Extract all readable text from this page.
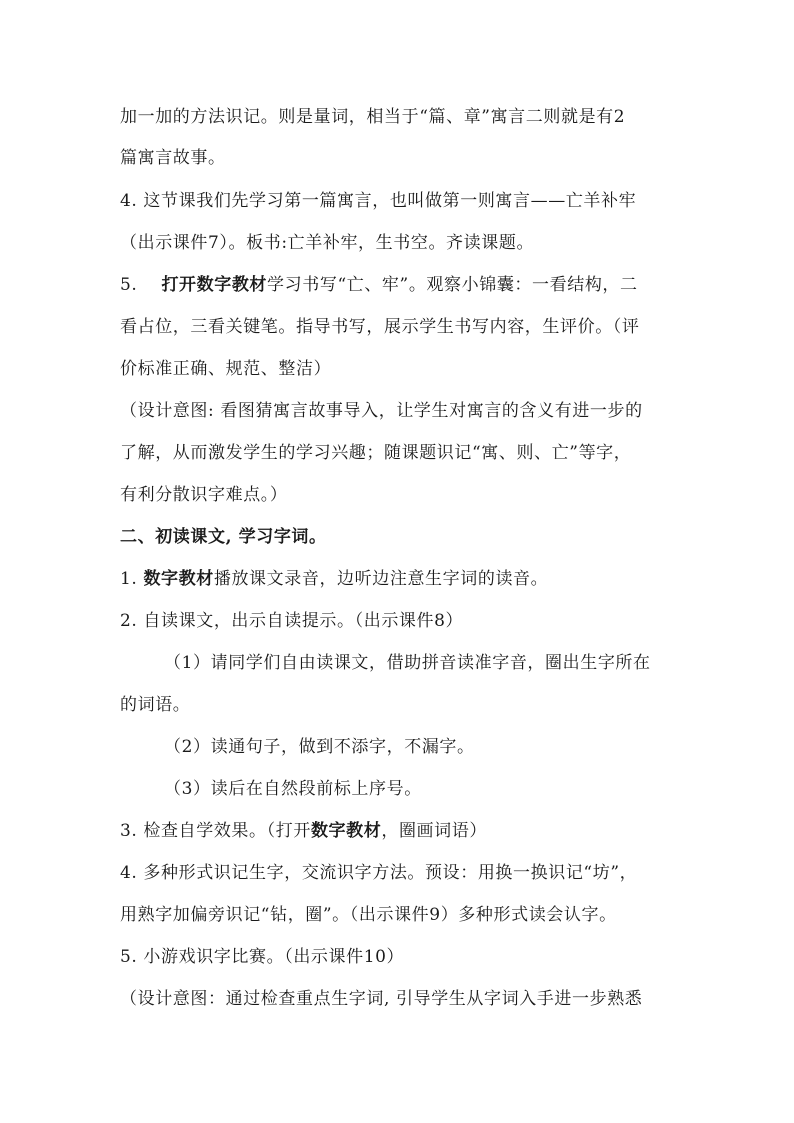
加一加的方法识记。则是量词，相当于“篇、章”寓言二则就是有2
篇寓言故事。
4. 这节课我们先学习第一篇寓言，也叫做第一则寓言——亡羊补牢
（出示课件7）。板书:亡羊补牢，生书空。齐读课题。
5.    打开数字教材学习书写“亡、牢”。观察小锦囊：一看结构，二
看占位，三看关键笔。指导书写，展示学生书写内容，生评价。（评
价标准正确、规范、整洁）
（设计意图: 看图猜寓言故事导入，让学生对寓言的含义有进一步的
了解，从而激发学生的学习兴趣；随课题识记“寓、则、亡”等字，
有利分散识字难点。）
二、初读课文, 学习字词。
1. 数字教材播放课文录音，边听边注意生字词的读音。
2. 自读课文，出示自读提示。（出示课件8）
（1）请同学们自由读课文，借助拼音读准字音，圈出生字所在
的词语。
（2）读通句子，做到不添字，不漏字。
（3）读后在自然段前标上序号。
3. 检查自学效果。（打开数字教材，圈画词语）
4. 多种形式识记生字，交流识字方法。预设：用换一换识记“坊”，
用熟字加偏旁识记“钻，圈”。（出示课件9）多种形式读会认字。
5. 小游戏识字比赛。（出示课件10）
（设计意图：通过检查重点生字词, 引导学生从字词入手进一步熟悉
